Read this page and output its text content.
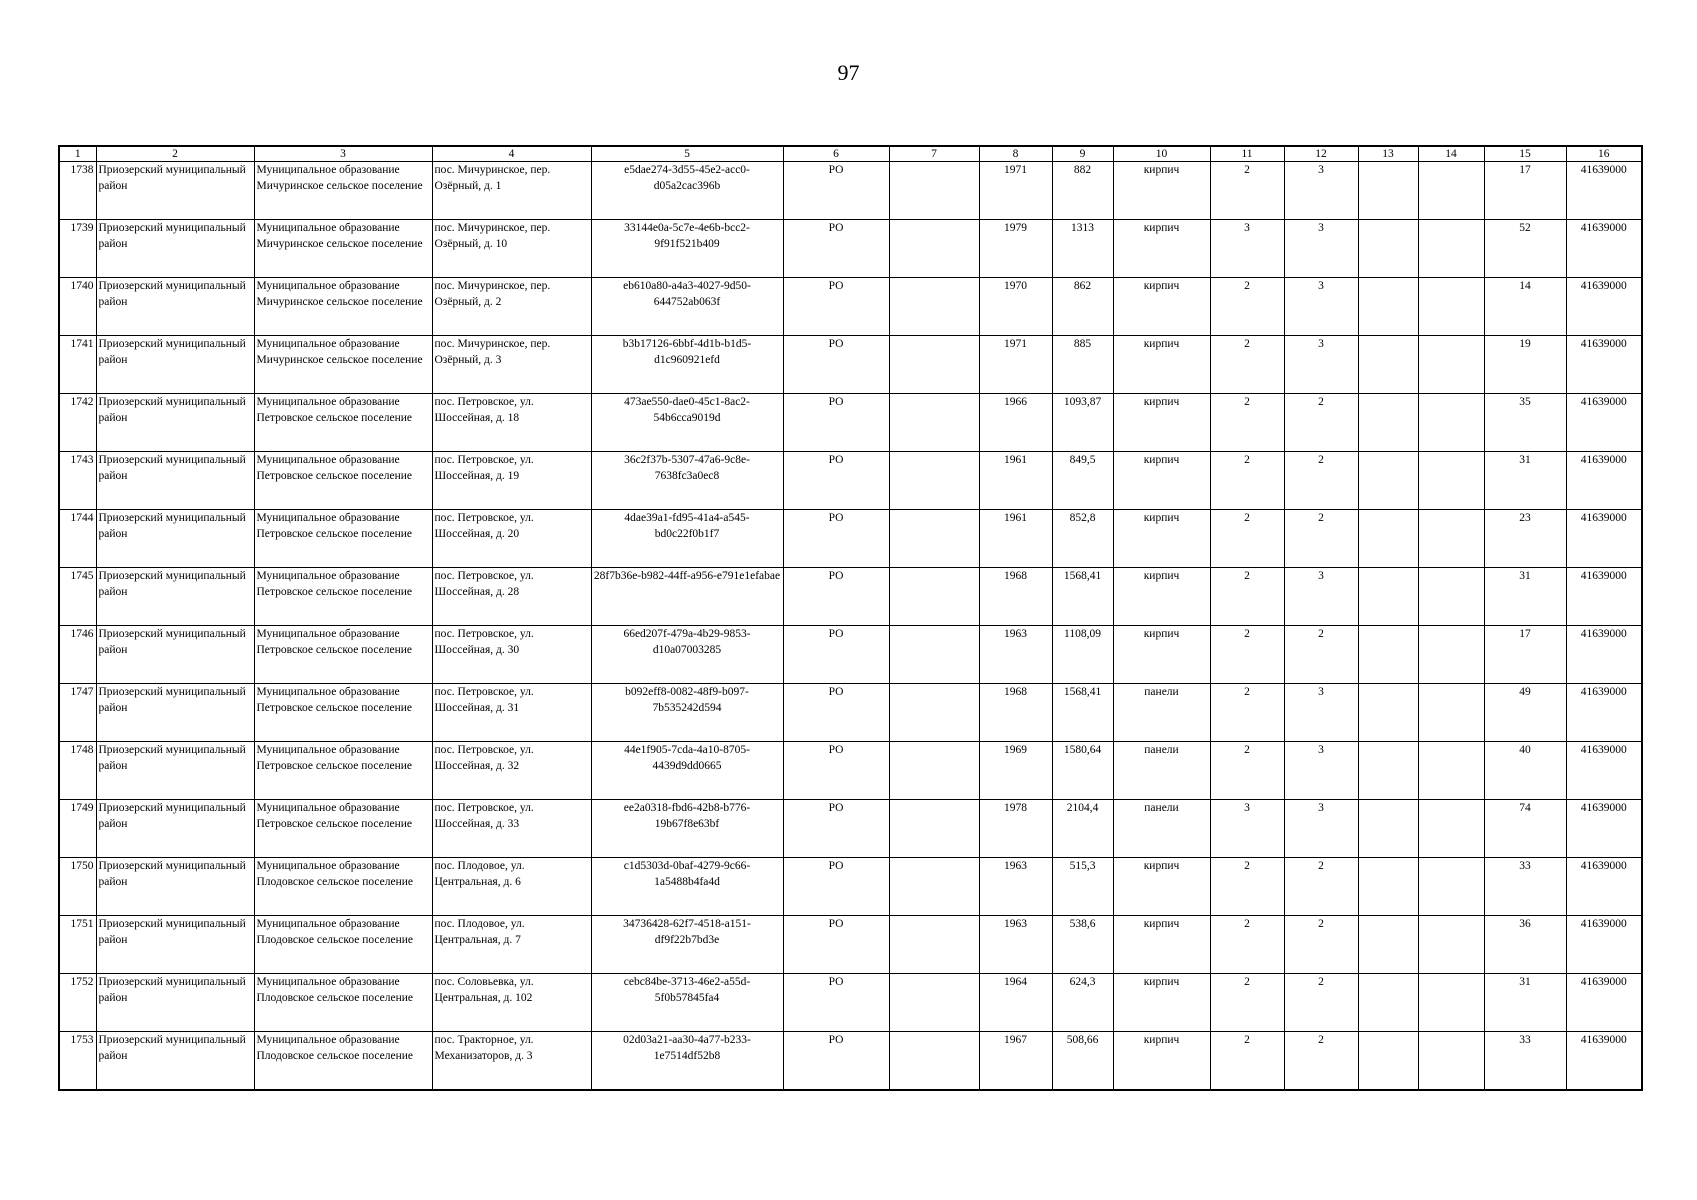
97
1	2	3	4	5	6	7	8	9	10	11	12	13	14	15	16
1738	Приозерский муниципальный район	Муниципальное образование Мичуринское сельское поселение	пос. Мичуринское, пер. Озёрный, д. 1	e5dae274-3d55-45e2-acc0-d05a2cac396b	РО		1971	882	кирпич	2	3			17	41639000
1739	Приозерский муниципальный район	Муниципальное образование Мичуринское сельское поселение	пос. Мичуринское, пер. Озёрный, д. 10	33144e0a-5c7e-4e6b-bcc2-9f91f521b409	РО		1979	1313	кирпич	3	3			52	41639000
1740	Приозерский муниципальный район	Муниципальное образование Мичуринское сельское поселение	пос. Мичуринское, пер. Озёрный, д. 2	eb610a80-a4a3-4027-9d50-644752ab063f	РО		1970	862	кирпич	2	3			14	41639000
1741	Приозерский муниципальный район	Муниципальное образование Мичуринское сельское поселение	пос. Мичуринское, пер. Озёрный, д. 3	b3b17126-6bbf-4d1b-b1d5-d1c960921efd	РО		1971	885	кирпич	2	3			19	41639000
1742	Приозерский муниципальный район	Муниципальное образование Петровское сельское поселение	пос. Петровское, ул. Шоссейная, д. 18	473ae550-dae0-45c1-8ac2-54b6cca9019d	РО		1966	1093,87	кирпич	2	2			35	41639000
1743	Приозерский муниципальный район	Муниципальное образование Петровское сельское поселение	пос. Петровское, ул. Шоссейная, д. 19	36c2f37b-5307-47a6-9c8e-7638fc3a0ec8	РО		1961	849,5	кирпич	2	2			31	41639000
1744	Приозерский муниципальный район	Муниципальное образование Петровское сельское поселение	пос. Петровское, ул. Шоссейная, д. 20	4dae39a1-fd95-41a4-a545-bd0c22f0b1f7	РО		1961	852,8	кирпич	2	2			23	41639000
1745	Приозерский муниципальный район	Муниципальное образование Петровское сельское поселение	пос. Петровское, ул. Шоссейная, д. 28	28f7b36e-b982-44ff-a956-e791e1efabae	РО		1968	1568,41	кирпич	2	3			31	41639000
1746	Приозерский муниципальный район	Муниципальное образование Петровское сельское поселение	пос. Петровское, ул. Шоссейная, д. 30	66ed207f-479a-4b29-9853-d10a07003285	РО		1963	1108,09	кирпич	2	2			17	41639000
1747	Приозерский муниципальный район	Муниципальное образование Петровское сельское поселение	пос. Петровское, ул. Шоссейная, д. 31	b092eff8-0082-48f9-b097-7b535242d594	РО		1968	1568,41	панели	2	3			49	41639000
1748	Приозерский муниципальный район	Муниципальное образование Петровское сельское поселение	пос. Петровское, ул. Шоссейная, д. 32	44e1f905-7cda-4a10-8705-4439d9dd0665	РО		1969	1580,64	панели	2	3			40	41639000
1749	Приозерский муниципальный район	Муниципальное образование Петровское сельское поселение	пос. Петровское, ул. Шоссейная, д. 33	ee2a0318-fbd6-42b8-b776-19b67f8e63bf	РО		1978	2104,4	панели	3	3			74	41639000
1750	Приозерский муниципальный район	Муниципальное образование Плодовское сельское поселение	пос. Плодовое, ул. Центральная, д. 6	c1d5303d-0baf-4279-9c66-1a5488b4fa4d	РО		1963	515,3	кирпич	2	2			33	41639000
1751	Приозерский муниципальный район	Муниципальное образование Плодовское сельское поселение	пос. Плодовое, ул. Центральная, д. 7	34736428-62f7-4518-a151-df9f22b7bd3e	РО		1963	538,6	кирпич	2	2			36	41639000
1752	Приозерский муниципальный район	Муниципальное образование Плодовское сельское поселение	пос. Соловьевка, ул. Центральная, д. 102	cebc84be-3713-46e2-a55d-5f0b57845fa4	РО		1964	624,3	кирпич	2	2			31	41639000
1753	Приозерский муниципальный район	Муниципальное образование Плодовское сельское поселение	пос. Тракторное, ул. Механизаторов, д. 3	02d03a21-aa30-4a77-b233-1e7514df52b8	РО		1967	508,66	кирпич	2	2			33	41639000
